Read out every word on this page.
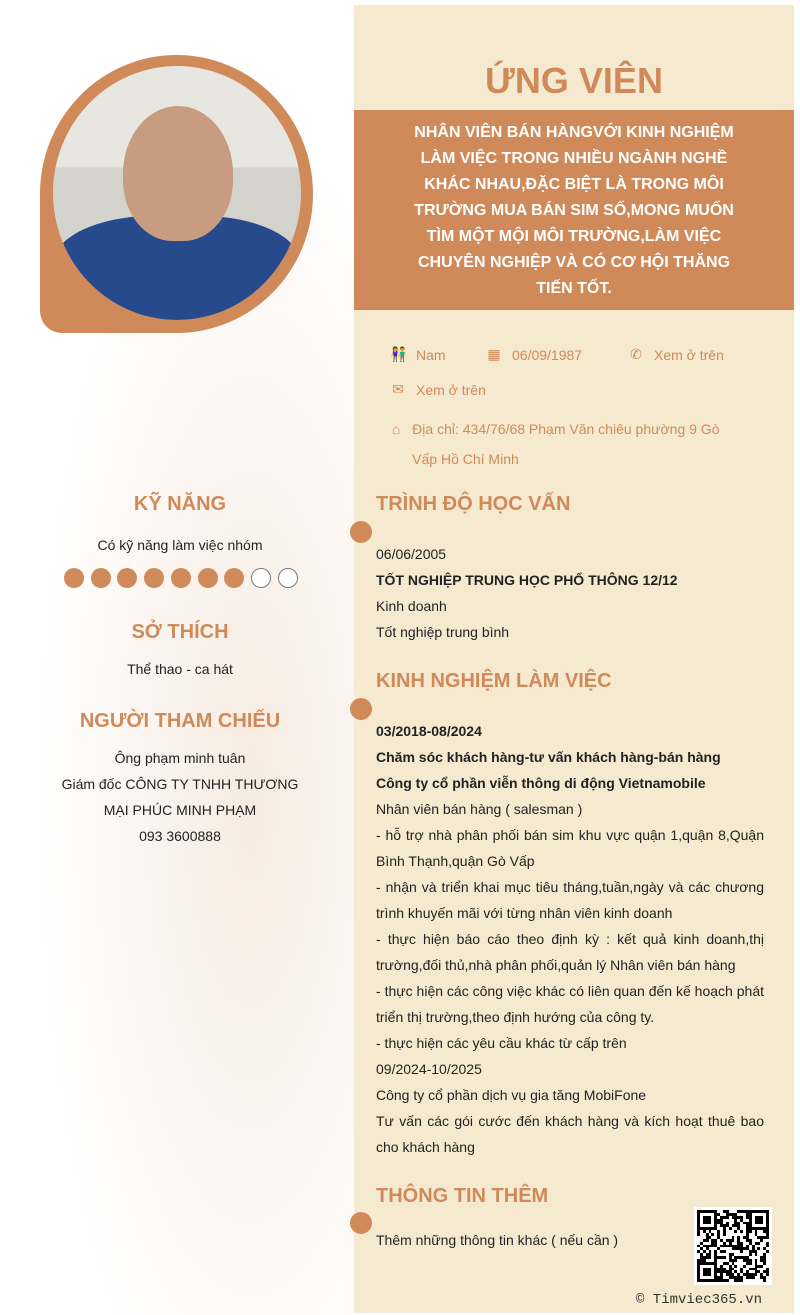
ỨNG VIÊN
NHÂN VIÊN BÁN HÀNGVỚI KINH NGHIỆM LÀM VIỆC TRONG NHIỀU NGÀNH NGHỀ KHÁC NHAU,ĐẶC BIỆT LÀ TRONG MÔI TRƯỜNG MUA BÁN SIM SỐ,MONG MUỐN TÌM MỘT MỘI MÔI TRƯỜNG,LÀM VIỆC CHUYÊN NGHIỆP VÀ CÓ CƠ HỘI THĂNG TIẾN TỐT.
👫 Nam	▦ 06/09/1987	✆ Xem ở trên
✉ Xem ở trên
⌂ Địa chỉ: 434/76/68 Phạm Văn chiêu phường 9 Gò Vấp Hồ Chí Minh
KỸ NĂNG
Có kỹ năng làm việc nhóm
SỞ THÍCH
Thể thao - ca hát
NGƯỜI THAM CHIẾU
Ông phạm minh tuân
Giám đốc CÔNG TY TNHH THƯƠNG MẠI PHÚC MINH PHẠM
093 3600888
TRÌNH ĐỘ HỌC VẤN
06/06/2005
TỐT NGHIỆP TRUNG HỌC PHỔ THÔNG 12/12
Kinh doanh
Tốt nghiệp trung bình
KINH NGHIỆM LÀM VIỆC
03/2018-08/2024
Chăm sóc khách hàng-tư vấn khách hàng-bán hàng
Công ty cổ phần viễn thông di động Vietnamobile
Nhân viên bán hàng ( salesman )
- hỗ trợ nhà phân phối bán sim khu vực quận 1,quận 8,Quận Bình Thạnh,quận Gò Vấp
- nhận và triển khai mục tiêu tháng,tuần,ngày và các chương trình khuyến mãi với từng nhân viên kinh doanh
- thực hiện báo cáo theo định kỳ : kết quả kinh doanh,thị trường,đối thủ,nhà phân phối,quản lý Nhân viên bán hàng
- thực hiện các công việc khác có liên quan đến kế hoạch phát triển thị trường,theo định hướng của công ty.
- thực hiện các yêu cầu khác từ cấp trên
09/2024-10/2025
Công ty cổ phần dịch vụ gia tăng MobiFone
Tư vấn các gói cước đến khách hàng và kích hoạt thuê bao cho khách hàng
THÔNG TIN THÊM
Thêm những thông tin khác ( nếu cần )
© Timviec365.vn
